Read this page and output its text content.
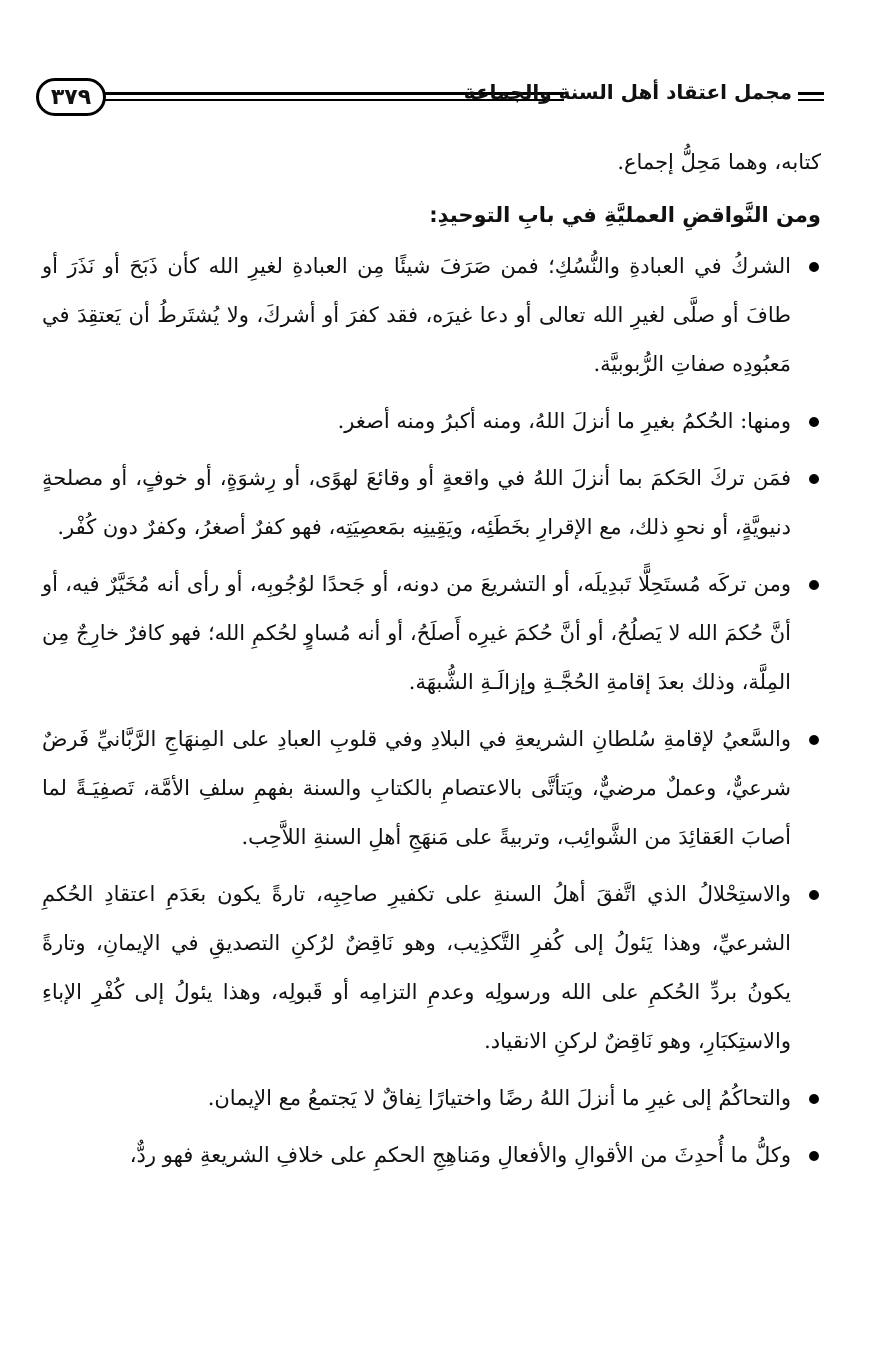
٣٧٩	مجمل اعتقاد أهل السنة والجماعة

كتابه، وهما مَحِلُّ إجماع.

ومن النَّواقضِ العمليَّةِ في بابِ التوحيدِ:

الشركُ في العبادةِ والنُّسُكِ؛ فمن صَرَفَ شيئًا مِن العبادةِ لغيرِ الله كأن ذَبَحَ أو نَذَرَ أو طافَ أو صلَّى لغيرِ الله تعالى أو دعا غيرَه، فقد كفرَ أو أشركَ، ولا يُشتَرطُ أن يَعتقِدَ في مَعبُودِه صفاتِ الرُّبوبيَّة.
ومنها: الحُكمُ بغيرِ ما أنزلَ اللهُ، ومنه أكبرُ ومنه أصغر.
فمَن تركَ الحَكمَ بما أنزلَ اللهُ في واقعةٍ أو وقائعَ لهوًى، أو رِشوَةٍ، أو خوفٍ، أو مصلحةٍ دنيويَّةٍ، أو نحوِ ذلك، مع الإقرارِ بخَطَئِه، ويَقِينِه بمَعصِيَتِه، فهو كفرٌ أصغرُ، وكفرٌ دون كُفْر.
ومن تركَه مُستَحِلًّا تَبدِيلَه، أو التشريعَ من دونه، أو جَحدًا لوُجُوبِه، أو رأى أنه مُخَيَّرٌ فيه، أو أنَّ حُكمَ الله لا يَصلُحُ، أو أنَّ حُكمَ غيرِه أَصلَحُ، أو أنه مُساوٍ لحُكمِ الله؛ فهو كافرٌ خارِجٌ مِن المِلَّة، وذلك بعدَ إقامةِ الحُجَّـةِ وإزالَـةِ الشُّبهَة.
والسَّعيُ لإقامةِ سُلطانِ الشريعةِ في البلادِ وفي قلوبِ العبادِ على المِنهَاجِ الرَّبَّانيِّ فَرضٌ شرعيٌّ، وعملٌ مرضيٌّ، ويَتأتَّى بالاعتصامِ بالكتابِ والسنة بفهمِ سلفِ الأمَّة، تَصفِيَـةً لما أصابَ العَقائِدَ من الشَّوائِب، وتربيةً على مَنهَجِ أهلِ السنةِ اللاَّحِب.
والاستِحْلالُ الذي اتَّفقَ أهلُ السنةِ على تكفيرِ صاحِبِه، تارةً يكون بعَدَمِ اعتقادِ الحُكمِ الشرعيِّ، وهذا يَئولُ إلى كُفرِ التَّكذِيب، وهو نَاقِضٌ لرُكنِ التصديقِ في الإيمانِ، وتارةً يكونُ بردِّ الحُكمِ على الله ورسولِه وعدمِ التزامِه أو قَبولِه، وهذا يئولُ إلى كُفْرِ الإباءِ والاستِكبَارِ، وهو نَاقِضٌ لركنِ الانقياد.
والتحاكُمُ إلى غيرِ ما أنزلَ اللهُ رضًا واختيارًا نِفاقٌ لا يَجتمعُ مع الإيمان.
وكلُّ ما أُحدِثَ من الأقوالِ والأفعالِ ومَناهِجِ الحكمِ على خلافِ الشريعةِ فهو ردٌّ،
